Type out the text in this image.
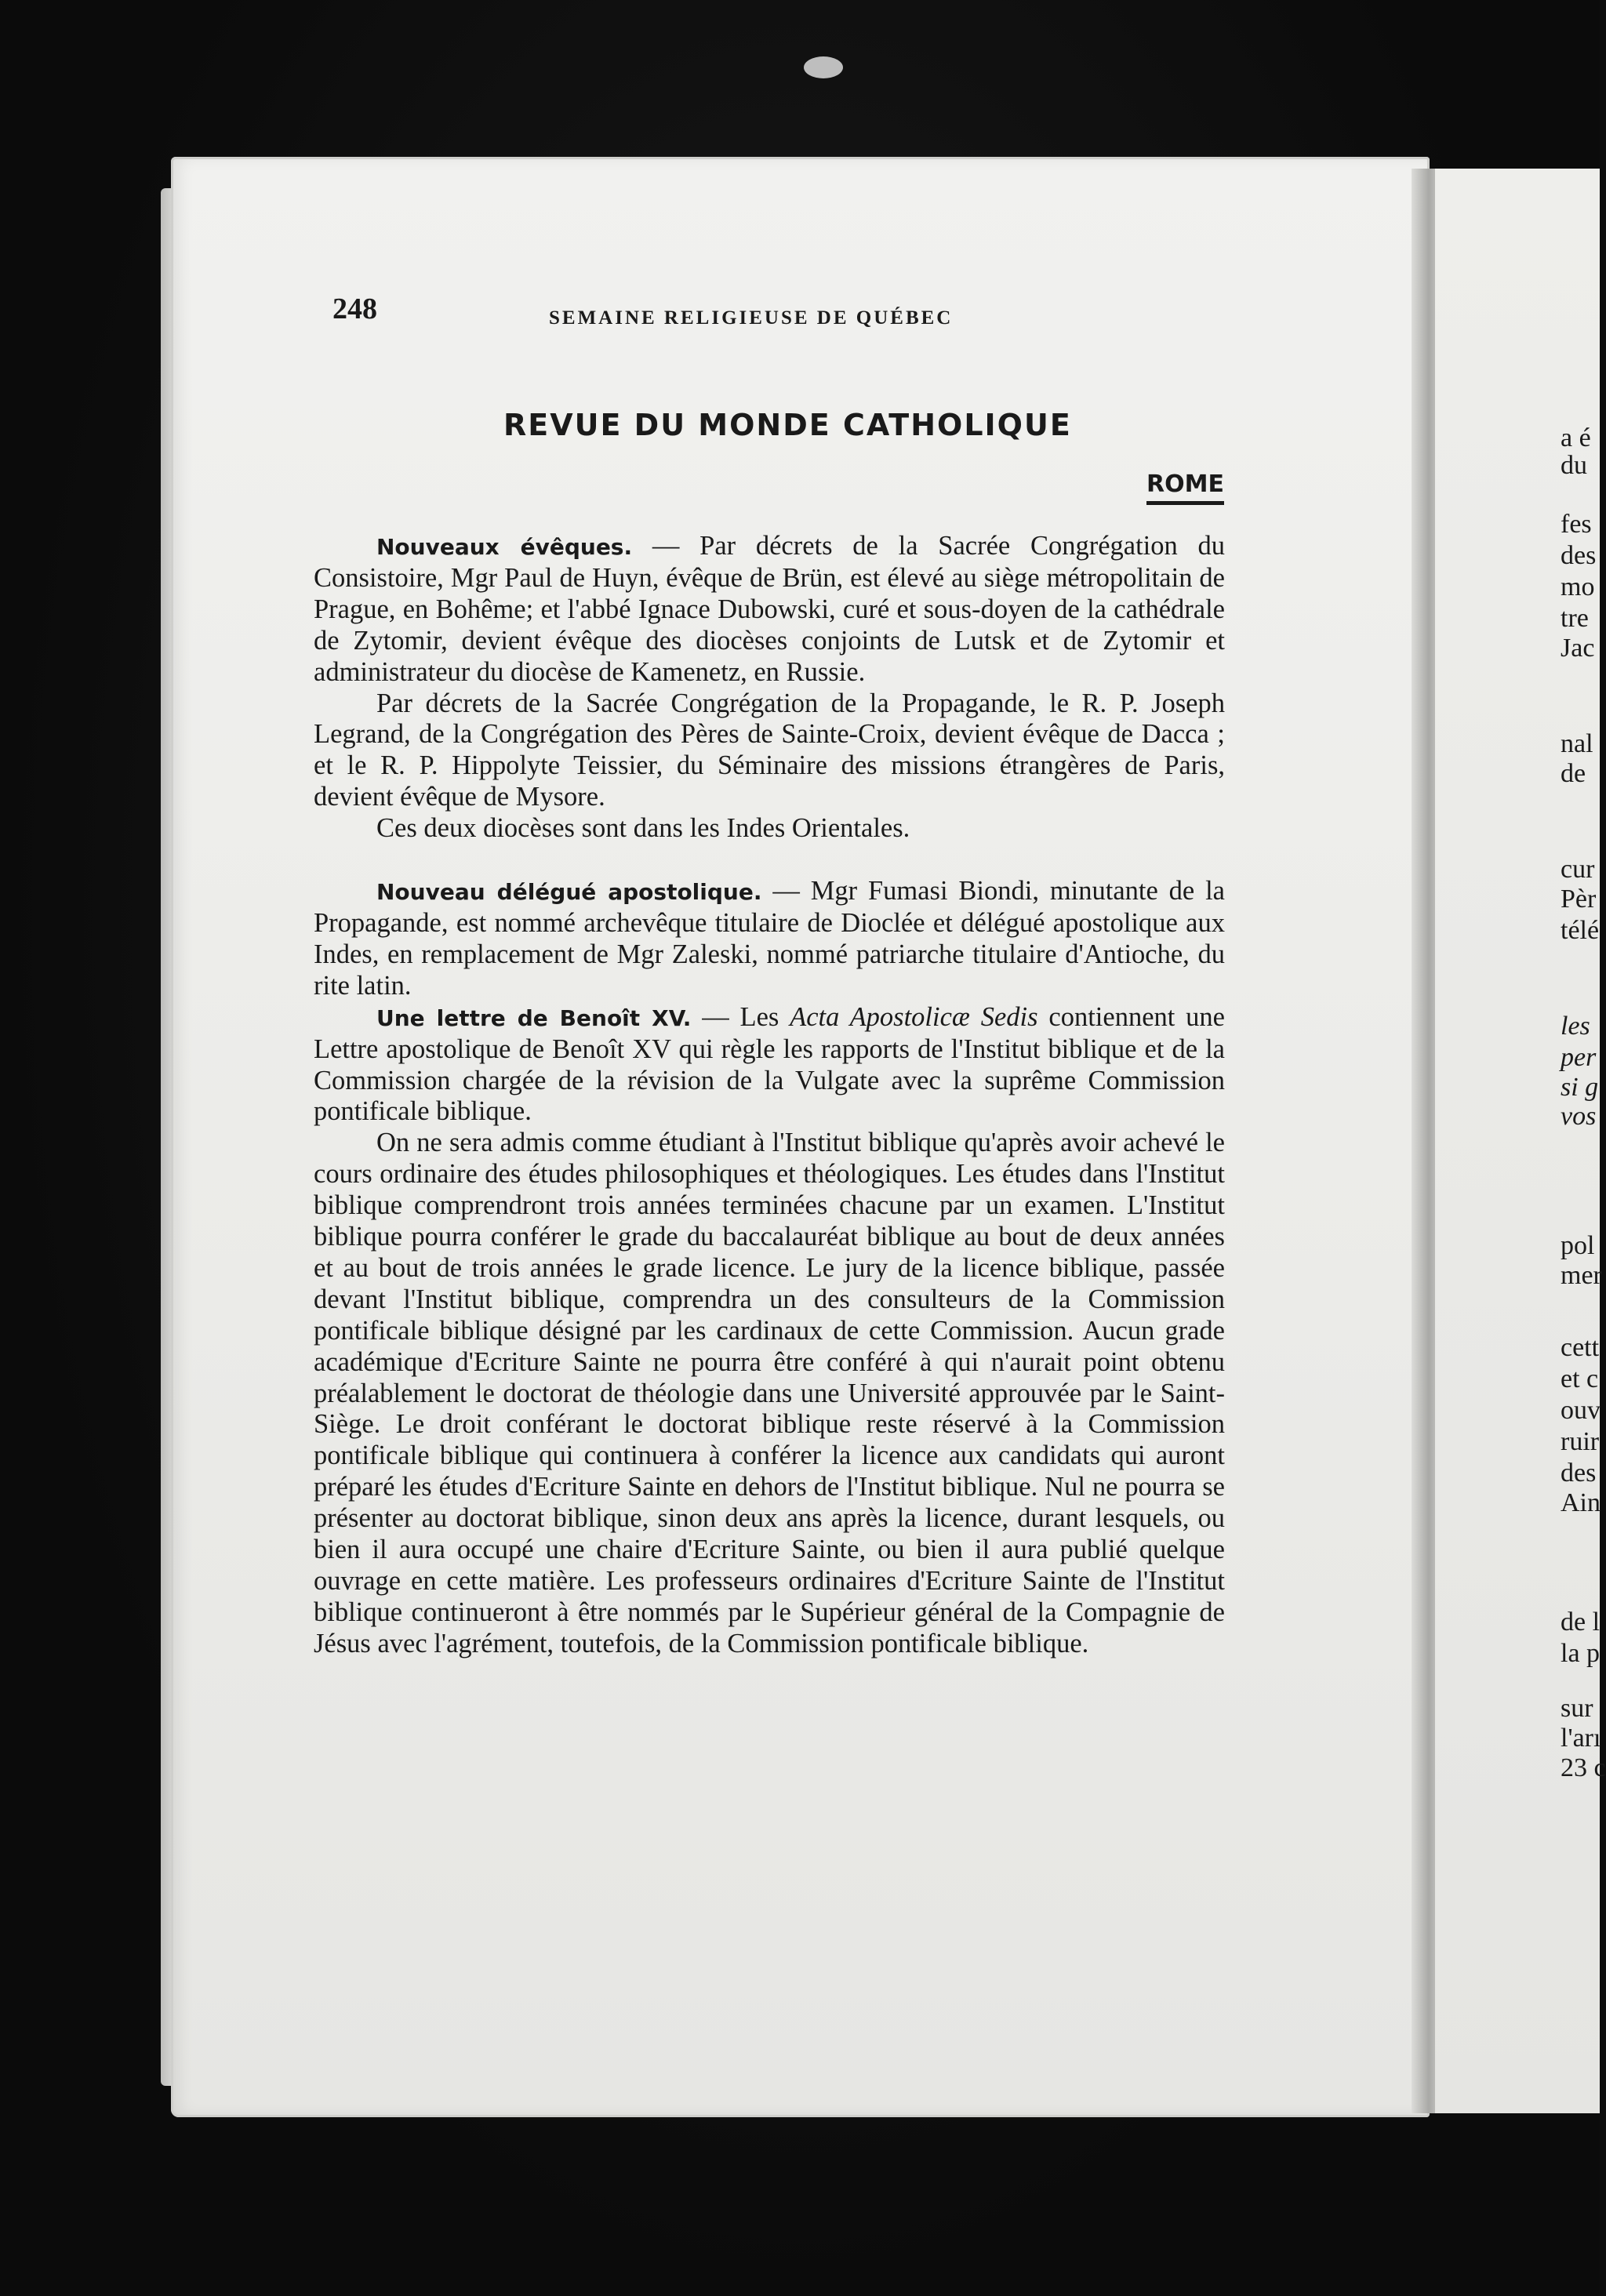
a é
du
fes
des
mo
tre
Jac
nal
de
cur
Pèr
télé
les
per
si g
vos
pol
mer
cett
et c
ouv
ruir
des
Ain
de l
la p
sur
l'arı
23 c
248	SEMAINE RELIGIEUSE DE QUÉBEC
REVUE DU MONDE CATHOLIQUE
ROME

Nouveaux évêques. — Par décrets de la Sacrée Congrégation du Consistoire, Mgr Paul de Huyn, évêque de Brün, est élevé au siège métropolitain de Prague, en Bohême; et l'abbé Ignace Dubowski, curé et sous-doyen de la cathédrale de Zytomir, devient évêque des diocèses conjoints de Lutsk et de Zytomir et administrateur du diocèse de Kamenetz, en Russie.

Par décrets de la Sacrée Congrégation de la Propagande, le R. P. Joseph Legrand, de la Congrégation des Pères de Sainte-Croix, devient évêque de Dacca ; et le R. P. Hippolyte Teissier, du Séminaire des missions étrangères de Paris, devient évêque de Mysore.

Ces deux diocèses sont dans les Indes Orientales.

Nouveau délégué apostolique. — Mgr Fumasi Biondi, minutante de la Propagande, est nommé archevêque titulaire de Dioclée et délégué apostolique aux Indes, en remplacement de Mgr Zaleski, nommé patriarche titulaire d'Antioche, du rite latin.

Une lettre de Benoît XV. — Les Acta Apostolicæ Sedis contiennent une Lettre apostolique de Benoît XV qui règle les rapports de l'Institut biblique et de la Commission chargée de la révision de la Vulgate avec la suprême Commission pontificale biblique.

On ne sera admis comme étudiant à l'Institut biblique qu'après avoir achevé le cours ordinaire des études philosophiques et théologiques. Les études dans l'Institut biblique comprendront trois années terminées chacune par un examen. L'Institut biblique pourra conférer le grade du baccalauréat biblique au bout de deux années et au bout de trois années le grade licence. Le jury de la licence biblique, passée devant l'Institut biblique, comprendra un des consulteurs de la Commission pontificale biblique désigné par les cardinaux de cette Commission. Aucun grade académique d'Ecriture Sainte ne pourra être conféré à qui n'aurait point obtenu préalablement le doctorat de théologie dans une Université approuvée par le Saint-Siège. Le droit conférant le doctorat biblique reste réservé à la Commission pontificale biblique qui continuera à conférer la licence aux candidats qui auront préparé les études d'Ecriture Sainte en dehors de l'Institut biblique. Nul ne pourra se présenter au doctorat biblique, sinon deux ans après la licence, durant lesquels, ou bien il aura occupé une chaire d'Ecriture Sainte, ou bien il aura publié quelque ouvrage en cette matière. Les professeurs ordinaires d'Ecriture Sainte de l'Institut biblique continueront à être nommés par le Supérieur général de la Compagnie de Jésus avec l'agrément, toutefois, de la Commission pontificale biblique.
